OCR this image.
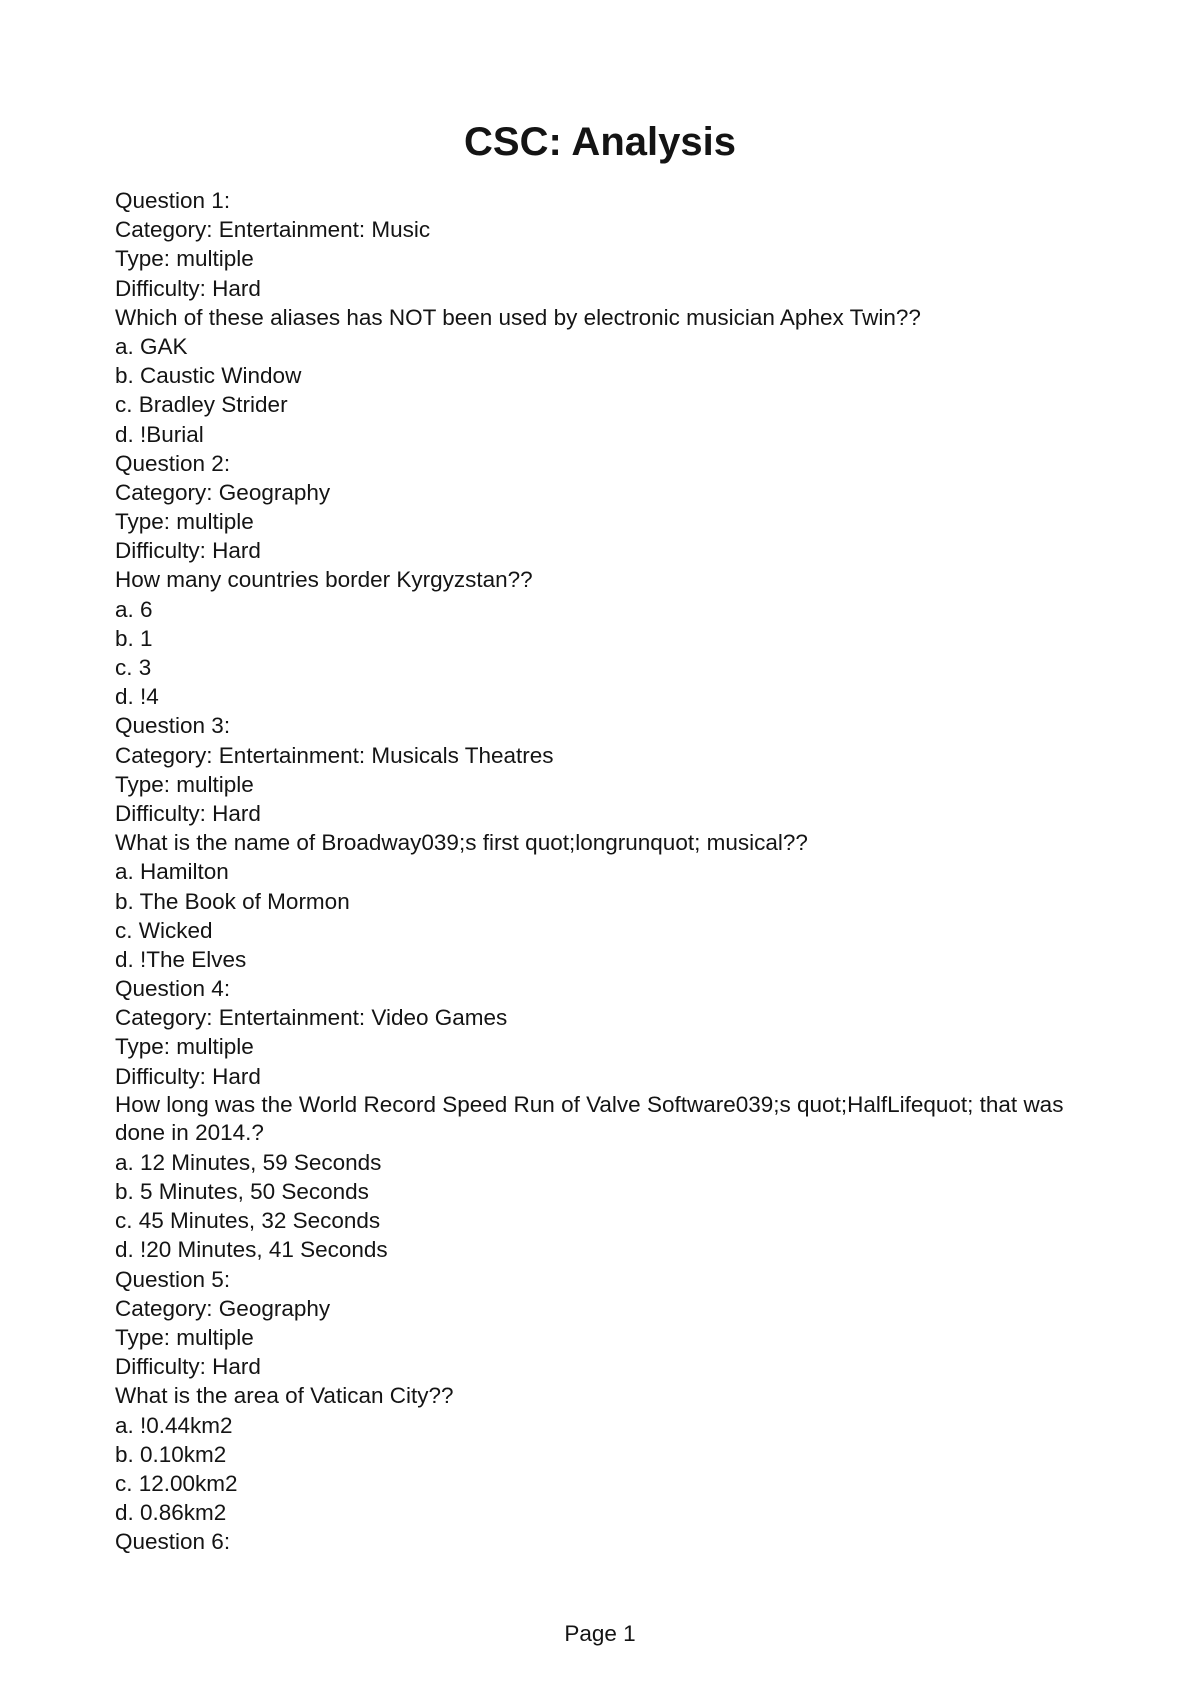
CSC: Analysis
Question 1:
Category: Entertainment: Music
Type: multiple
Difficulty: Hard
Which of these aliases has NOT been used by electronic musician Aphex Twin??
a. GAK
b. Caustic Window
c. Bradley Strider
d. !Burial
Question 2:
Category: Geography
Type: multiple
Difficulty: Hard
How many countries border Kyrgyzstan??
a. 6
b. 1
c. 3
d. !4
Question 3:
Category: Entertainment: Musicals Theatres
Type: multiple
Difficulty: Hard
What is the name of Broadway039;s first quot;longrunquot; musical??
a. Hamilton
b. The Book of Mormon
c. Wicked
d. !The Elves
Question 4:
Category: Entertainment: Video Games
Type: multiple
Difficulty: Hard
How long was the World Record Speed Run of Valve Software039;s quot;HalfLifequot; that was done in 2014.?
a. 12 Minutes, 59 Seconds
b. 5 Minutes, 50 Seconds
c. 45 Minutes, 32 Seconds
d. !20 Minutes, 41 Seconds
Question 5:
Category: Geography
Type: multiple
Difficulty: Hard
What is the area of Vatican City??
a. !0.44km2
b. 0.10km2
c. 12.00km2
d. 0.86km2
Question 6:
Page 1
